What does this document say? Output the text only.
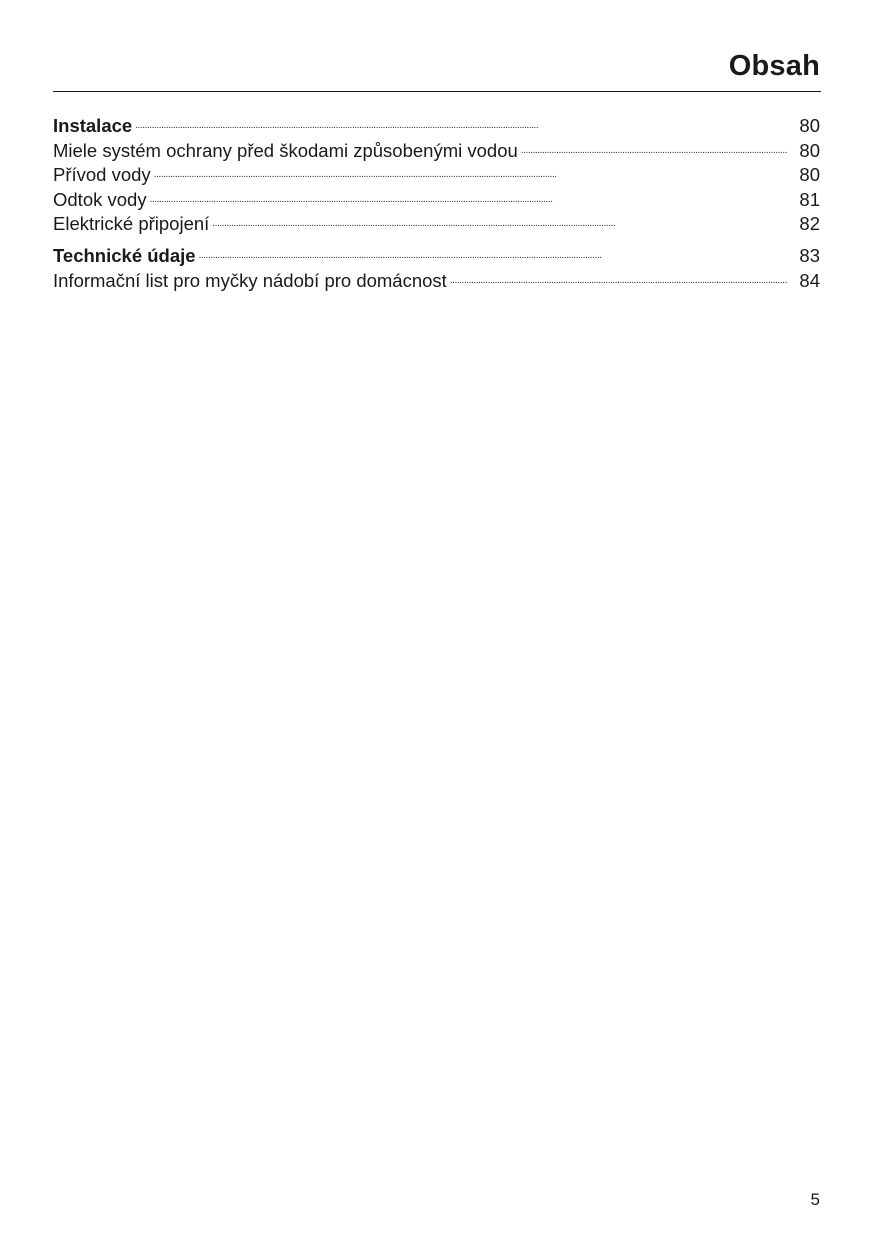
Obsah
Instalace . . .	80
Miele systém ochrany před škodami způsobenými vodou . . .	80
Přívod vody . . .	80
Odtok vody . . .	81
Elektrické připojení . . .	82
Technické údaje . . .	83
Informační list pro myčky nádobí pro domácnost . . .	84
5
